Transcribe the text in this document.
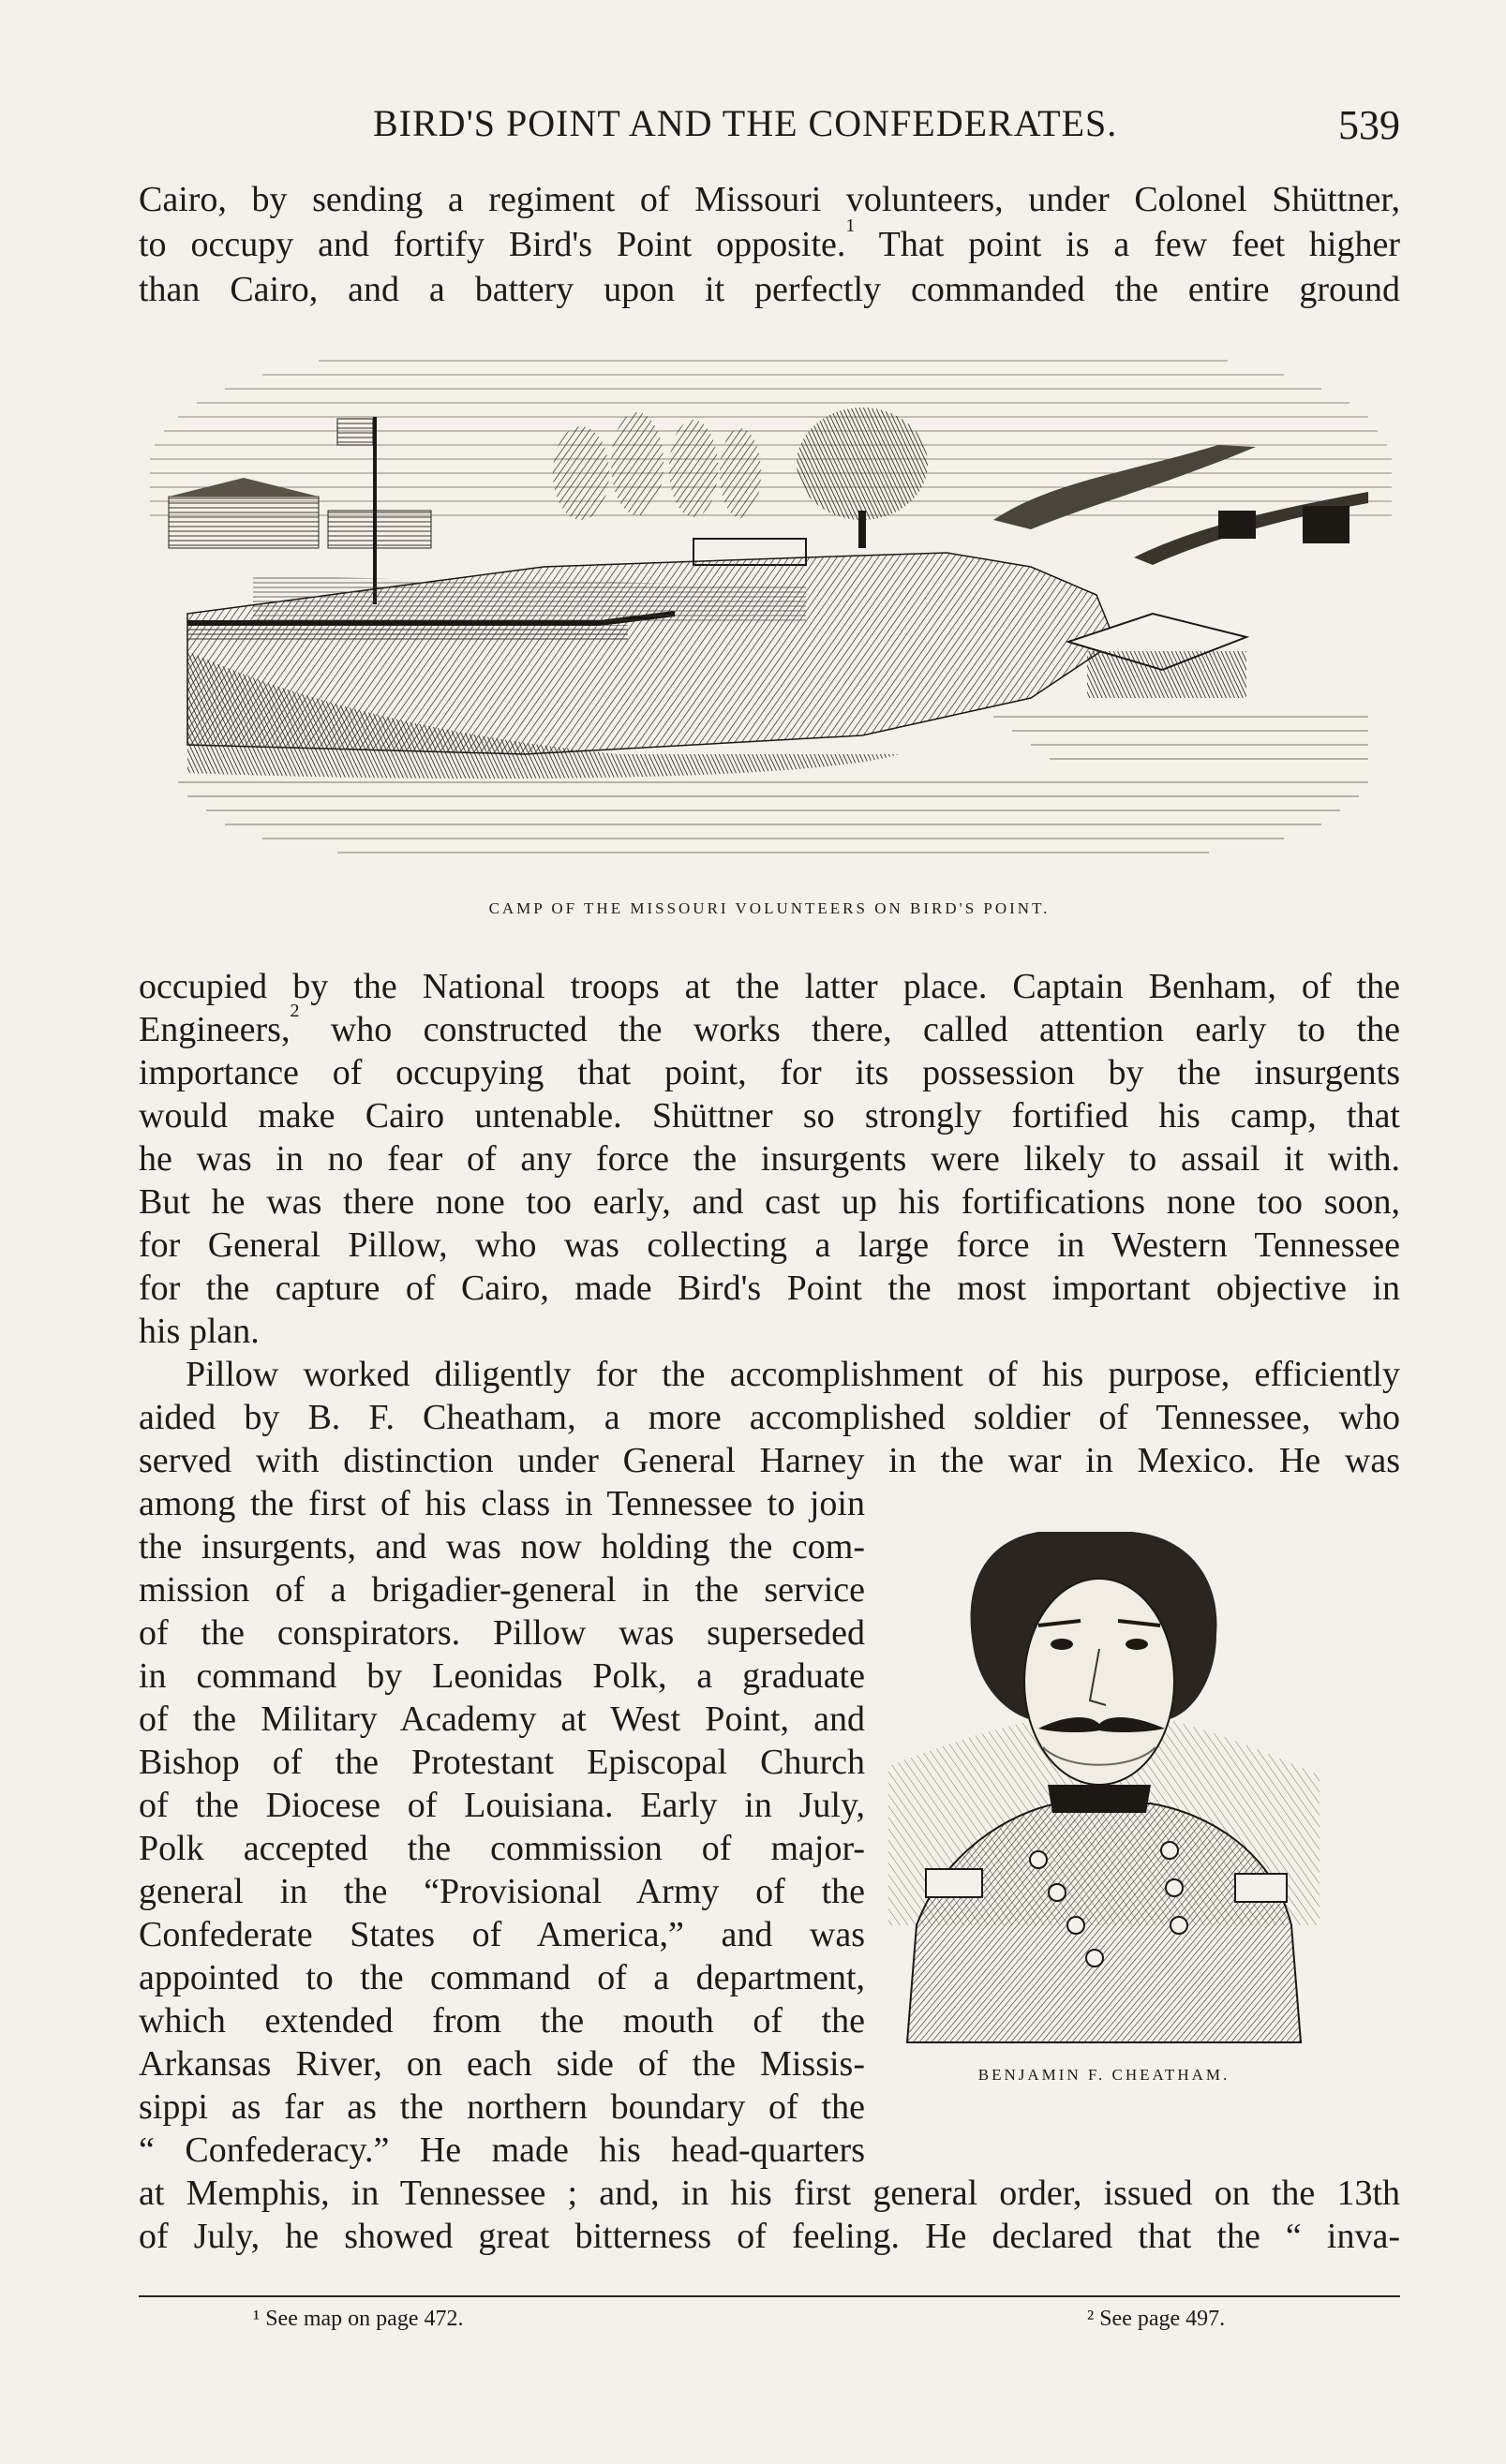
BIRD'S POINT AND THE CONFEDERATES.	539
Cairo, by sending a regiment of Missouri volunteers, under Colonel Shüttner,
to occupy and fortify Bird's Point opposite.$^1$ That point is a few feet higher
than Cairo, and a battery upon it perfectly commanded the entire ground
CAMP OF THE MISSOURI VOLUNTEERS ON BIRD'S POINT.
occupied by the National troops at the latter place. Captain Benham, of the
Engineers,$^2$ who constructed the works there, called attention early to the
importance of occupying that point, for its possession by the insurgents
would make Cairo untenable. Shüttner so strongly fortified his camp, that
he was in no fear of any force the insurgents were likely to assail it with.
But he was there none too early, and cast up his fortifications none too soon,
for General Pillow, who was collecting a large force in Western Tennessee
for the capture of Cairo, made Bird's Point the most important objective in
his plan.
Pillow worked diligently for the accomplishment of his purpose, efficiently
aided by B. F. Cheatham, a more accomplished soldier of Tennessee, who
served with distinction under General Harney in the war in Mexico. He was
among the first of his class in Tennessee to join
the insurgents, and was now holding the com-
mission of a brigadier-general in the service
of the conspirators. Pillow was superseded
in command by Leonidas Polk, a graduate
of the Military Academy at West Point, and
Bishop of the Protestant Episcopal Church
of the Diocese of Louisiana. Early in July,
Polk accepted the commission of major-
general in the “Provisional Army of the
Confederate States of America,” and was
appointed to the command of a department,
which extended from the mouth of the
Arkansas River, on each side of the Missis-
sippi as far as the northern boundary of the
“ Confederacy.” He made his head-quarters
at Memphis, in Tennessee ; and, in his first general order, issued on the 13th
of July, he showed great bitterness of feeling. He declared that the “ inva-
BENJAMIN F. CHEATHAM.
¹ See map on page 472.	² See page 497.
